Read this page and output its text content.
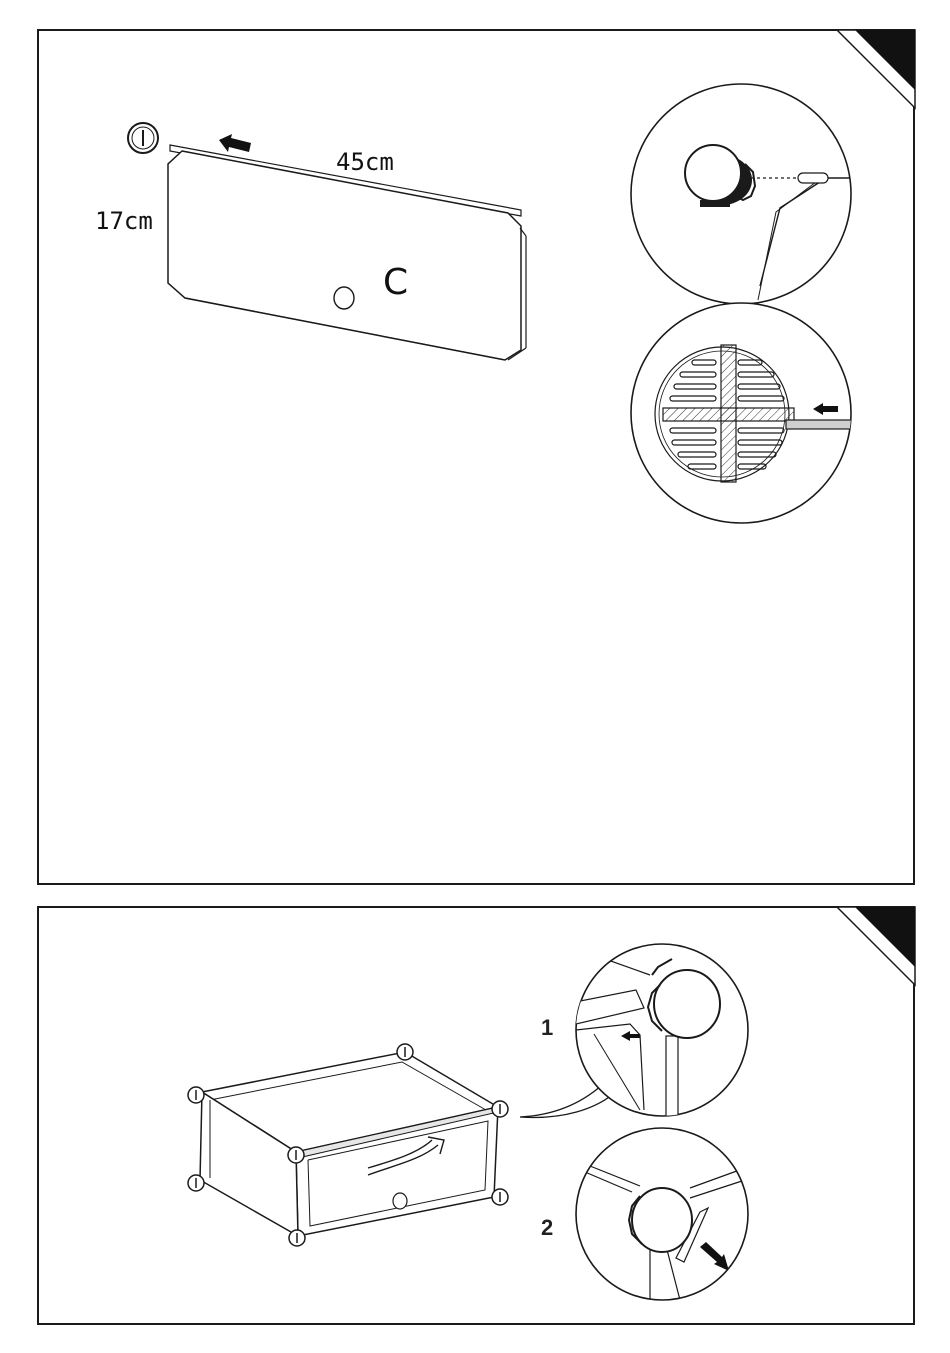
45cm
17cm
C
1
2
